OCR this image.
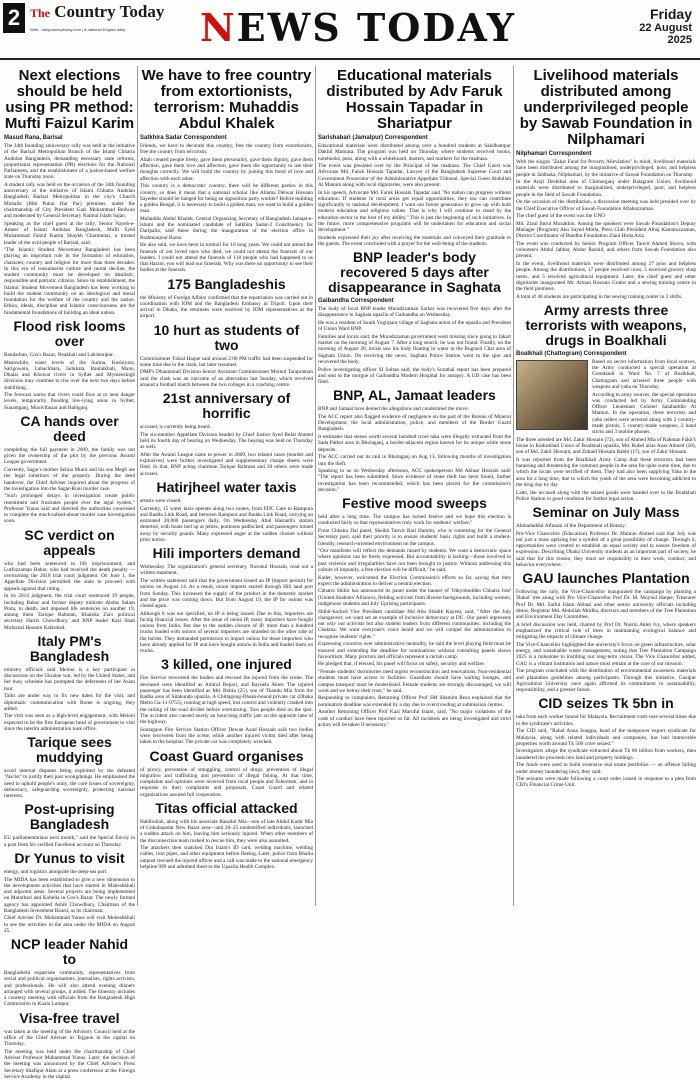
2 The Country Today
Web : dailycountrytoday.com | A national English daily	NEWS TODAY	Friday
22 August
2025
Next elections should be held using PR method: Mufti Faizul Karim
Masud Rana, Barisal

The 34th founding anniversary rally was held at the initiative of the Barisal Metropolitan Branch of the Islami Chhatra Andolan Bangladesh, demanding necessary state reforms, proportional representation (PR) elections for the National Parliament, and the establishment of a justice-based welfare state on Thursday noon.

A student rally was held on the occasion of the 34th founding anniversary at the initiative of Islami Chhatra Andolan Bangladesh Barisal Metropolitan in the city's Church Mohalla (Bibi Pukur Har Par) premises, under the chairmanship of City President Gazi Mohammad Redwan and moderated by General Secretary Naimul Islam Sajan.

Speaking as the chief guest at the rally, Senior Nayeb-e-Ameer of Islami Andolan Bangladesh, Mufti Syed Muhammad Faizul Karim Shaykh Charmonai, a trusted leader of the avid people of Barisal, said:

"The Islamic Student Movement Bangladesh has been playing an important role in the formation of education, character, country and religion for more than three decades. In this era of consumerist culture and moral decline, the student community must be developed on idealistic, responsible and patriotic citizens. Since its establishment, the Islamic Student Movement Bangladesh has been working to build the student community on an ideological and moral foundation for the welfare of the country and the nation. Ethics, ideals, discipline and Islamic consciousness are the fundamental foundations of building an ideal nation.

Flood risk looms over

Bandarban, Cox's Bazar, Noakhali and Lakshmipur.

Meanwhile, water levels of the Surma, Kushiyara, Sarigowain, Lubachhara, Jadukata, Baulaikhali, Manu, Dhalai and Khowai rivers in Sylhet and Mymensingh divisions may continue to rise over the next two days before stabilising.

The forecast warns that rivers could flow at or near danger levels, temporarily flooding low-lying areas in Sylhet, Sunamganj, Moulvibazar and Habiganj.

CA hands over deed

completing the full payment in 2009, the family was not given the ownership of the plot by the previous Awami League government.

Currently, Sagar's mother Selina Munir and his son Megh are the legal inheritors of the property. During the deed handover, the Chief Adviser inquired about the progress of the investigation into the Sagar-Runi murder case.

"Such prolonged delays in investigation create public resentment and frustrates people over the legal system," Professor Yunus said and directed the authorities concerned to complete the much-talked-about murder case investigation soon.

SC verdict on appeals

who had been sentenced to life imprisonment, and Lutfozzaman Babar, who had received the death penalty — overturning the 2018 trial court judgment. On June 1, the Appellate Division permitted the state to proceed with appeals against that ruling.

In its 2014 judgment, the trial court sentenced 19 people, including Babar and former deputy minister Abdus Salam Pintu, to death, and imposed life sentences on another 19, among them Tarique Rahman, Khaleda Zia's political secretary Harris Chowdhury, and BNP leader Kazi Shah Mofazzal Hossain Kaikobad.

Italy PM's Bangladesh

ministry officials said Meloni is a key participant in discussions on the Ukraine war, led by the United States, and her busy schedule has prompted the deferment of her Asian tour.

Talks are under way to fix new dates for the visit, and diplomatic communication with Rome is ongoing, they added.

The visit was seen as a high-level engagement, with Meloni expected to be the first European head of government to visit since the interim administration took office.

Tarique sees muddying

avoid internal disputes being exploited by the defeated "fascist" to justify their past wrongdoings. He emphasised the need to uphold people's unity, the core issues of sovereignty, democracy, safeguarding sovereignty, protecting national interests.

Post-uprising Bangladesh

EU parliamentarians next month," said the Special Envoy in a post from his verified Facebook account on Thursday.

Dr Yunus to visit

energy, and logistics alongside the deep-sea port.

The MIDA has been established to give a new dimension to the development activities that have started in Maheshkhali and adjacent areas. Several projects are being implemented on Matarbari and Kohelia in Cox's Bazar. The newly formed agency has appointed Ashik Chowdhury, Chairman of the Bangladesh Investment Board, as its chairman.

Chief Adviser Dr. Muhammad Yunus will visit Moheshkhali to see the activities in the area under the MIDA on August 25.

NCP leader Nahid to

Bangladeshi expatriate community, representatives from social and political organisations, journalists, rights activists, and professionals. He will also attend evening dinners arranged with several groups, it added. The itinerary includes a courtesy meeting with officials from the Bangladesh High Commission in Kuala Lumpur.

Visa-free travel

was taken at the meeting of the Advisory Council held at the office of the Chief Adviser in Tejgaon in the capital on Thursday.

The meeting was held under the chairmanship of Chief Adviser Professor Muhammad Yunus. Later, the decision of the meeting was announced by the Chief Adviser's Press Secretary Shafiqul Alam at a press conference at the Foreign Service Academy in the capital.

We have to free country from extortionists, terrorism: Muhaddis Abdul Khalek
Satkhira Sadar Correspondent

Friends, we have to decorate this country, free the country from extortionists, free the country from terrorism.

Allah created people freely, gave them personality, gave them dignity, gave them affection, gave them love and affection, gave them the opportunity to use their thoughts correctly. We will build the country by joining this bond of love and affection with each other.

This country is a democratic country, there will be different parties in this country, so does it mean that a national scholar like Allama Delwar Hossain Sayedee should be hanged for being an opposition party worker? Before building a golden Bengal, it is necessary to build a golden man, we want to build a golden man.

Muhaddis Abdul Khalek, Central Organizing Secretary of Bangladesh Jamaat-e-Islami and the nominated candidate of Satkhira Sadar-2 Constituency for Daripalla, said these during the inauguration of the election office in Brahmanjoar Bazar.

He also said, we have been in turmoil for 16 long years. We could not attend the funerals of our loved ones who died, we could not attend the funerals of our leaders. I could not attend the funerals of 118 people who had happened to us that Harzor, you will lead our funerals. Why was there no opportunity to see their bodies at the funerals.

175 Bangladeshis

the Ministry of Foreign Affairs confirmed that the repatriation was carried out in coordination with IOM and the Bangladesh Embassy in Tripoli. Upon their arrival in Dhaka, the returnees were received by IOM representatives at the airport.

10 hurt as students of two

Commissioner Faisal Haque said around 2:00 PM traffic had been suspended for some time due to the clash, but later resumed.

DMP's Dhanmondi Division Senior Assistant Commissioner Moinul Tarapraman said the clash was an outcome of an altercation last Sunday, which revolved around a football match between the two colleges in a coaching centre.

21st anniversary of horrific

accused, is currently being heard.

The six-member Appellate Division headed by Chief Justice Syed Refat Ahmed held its fourth day of hearing on Wednesday. The hearing was held on Thursday as well.

After the Awami League came to power in 2009, two related cases (murder and explosives) were further investigated and supplementary charge sheets were filed. In that, BNP acting chairman Tarique Rahman and 30 others were made accused.

Hatirjheel water taxis

arrests were closed.

Currently, 15 water taxis operate along two routes, from FDC Gate to Rampura and Badda Link Road, and between Rampura and Badda Link Road, carrying an estimated 20,000 passengers daily. On Wednesday Abul Hasnath's station deserted, with boats tied up at jetties, pontoons padlocked, and passengers turned away by security guards. Many expressed anger at the sudden closure without prior notice.

Hili importers demand

Wednesday. The organization's general secretary, Nurunul Hossain, read out a written statement.

The written statement said that the government issued an IP (import permit) for onions on August 14. As a result, onion imports started through Hili land port from Sunday. This increased the supply of the product in the domestic market and the price was coming down. But from August 19, the IP for onions was closed again.

Although it was not specified, no IP is being issued. Due to this, importers are facing financial losses. After the issue of onion IP, many importers have bought onions from India. But due to the sudden closure of IP, more than a hundred trucks loaded with onions of several importers are stranded on the other side of the border. They demanded permission to import onions for those importers who have already applied for IP and have bought onions in India and loaded them on trucks.

3 killed, one injured

Fire Service recovered the bodies and rescued the injured from the scene. The deceased were identified as Amirul Bepari, and Rayuela Akter. The injured passenger has been identified as Md. Robin (25), son of Thandu Mia from the Radha area of Sitakunda upazila. A Chittagong-Dhaka-bound private car (Dhaka Metro Ga-11-9755), running at high speed, lost control and violently crashed into the railing of the road divider before overturning. Two people died on the spot. The accident also caused nearly an hour-long traffic jam on the opposite lane of the highway.

Sonargaon Fire Service Station Officer Dewan Azad Hossain said two bodies were recovered from the scene, while another injured victim died after being taken to the hospital. The private car was completely wrecked.

Coast Guard organises

of piracy, prevention of smuggling, control of drugs, prevention of illegal migration and trafficking and prevention of illegal fishing. At that time, complaints and opinions were received from local people and fishermen, and in response to their complaints and proposals, Coast Guard and related organizations assured full cooperation.

Titas official attacked

Habibullah, along with his associate Rasadul Mia—son of late Abdul Kadir Mia of Gokulnandar New Bazar area—and 20–25 unidentified individuals, launched a sudden attack on him, leaving him seriously injured. When other members of the disconnection team rushed to rescue him, they were also assaulted.

The attackers then snatched Din Islam's ID card, welding machine, welding cables, iron pipes, and other equipment before fleeing. Later, police from Bhaliu outpost rescued the injured officer and a call was made to the national emergency helpline 999 and admitted them to the Upazila Health Complex.

Educational materials distributed by Adv Faruk Hossain Tapadar in Shariatpur
Sarishabari (Jamalpur) Correspondent

Educational materials were distributed among over a hundred students at Sakdhampur Dakhil Madrasa. The program was held on Thursday where students received books, notebooks, pens, along with a whiteboard, dusters, and markers for the madrasa.

The event was presided over by the Principal of the madrasa. The Chief Guest was Advocate Md. Faruk Hossain Tapadar, Lawyer of the Bangladesh Supreme Court and Government Prosecutor of the Administrative Appellate Tribunal. Special Guest Abdullah Al Mamun along with local dignitaries, were also present.

In his speech, Advocate Md. Faruk Hossain Tapadar said "No nation can progress without education. If students in rural areas get equal opportunities, they too can contribute significantly to national development. I want our future generation to grow up with both modern education and religious values. That is why I will continue to stand by the education sector to the best of my ability." This is just the beginning of such initiatives. In the future, more comprehensive programs will be undertaken for education and social development."

Students expressed their joy after receiving the materials and conveyed their gratitude to the guests. The event concluded with a prayer for the well-being of the students.

BNP leader's body recovered 5 days after disappearance in Saghata
Gaibandha Correspondent

The body of local BNP leader Muradzzaman Sarkar was recovered five days after the disappearance in Saghata upazila of Gaibandha on Wednesday.

He was a resident of South Yogirpara village of Saghata union of the upazila and President of Union Ward BNP.

Families and locals said, the Muradzzaman government went missing since going to Jakart market on the morning of August 7. After a long search, he was not found. Finally, on the morning of August 28, locals saw his body floating in water in the Bugrasil Char area of Saghata Union. On receiving the news, Saghata Police Station went to the spot and recovered the body.

Police investigating officer SI Sultan said, the body's Surathal report has been prepared and sent to the morgue of Gaibandha Modern Hospital for autopsy. A UD case has been filed.

BNP, AL, Jamaat leaders

BNP and Jamaat have denied the allegations and condemned the move.

The ACC report also flagged evidence of negligence on the part of the Bureau of Mineral Development, the local administration, police, and members of the Border Guard Bangladesh.

It estimates that stones worth several hundred crore taka were illegally extracted from the Sada Pather area in Bholaganj, a border-adjacent region known for its unique white stone deposits.

The ACC carried out its raid in Bholaganj on Aug 13, following months of investigation into the theft.

Speaking to us on Wednesday afternoon, ACC spokesperson Md Akhtar Hossain said: "The report has been submitted. Since evidence of stone theft has been found, further investigation has been recommended, which has been placed for the commission's decision."

Festive mood sweeps

held after a long time. The campus has turned festive and we hope this election is conducted fairly so that representatives truly work for students' welfare."

From Chhatra Dal panel, Sheikh Tanvir Bari Hamim, who is contesting for the General Secretary post, said their priority is to ensure students' basic rights and build a student-friendly, research-oriented environment on the campus.

"Our manifesto will reflect the demands raised by students. We want a democratic space where opinions can be freely expressed. But accountability is lacking—those involved in past violence and irregularities have not been brought to justice. Without addressing this culture of impunity, a free election will be difficult," he said.

Kader, however, welcomed the Election Commission's efforts so far, saying that they expect the administration to deliver a neutral election.

Chhatra Shibir has announced its panel under the banner of 'Oikyoboddho Chhatra Jote' (United Students' Alliance), fielding activists from diverse backgrounds, including women, indigenous students and July Uprising participants.

Shibir-backed Vice President candidate Md Abu Shadik Kayem, said, "After the July changeover, we want set an example of inclusive democracy at DU. Our panel represents not only our activists but also student leaders from different communities, including the Chakma. We want everyone's voice heard and we will compel the administration to recognise students' rights."

Expressing concerns over administrative neutrality, he said the level playing field must be ensured and extending the deadline for nominations without consulting panels shows favouritism. Many proctors and officials represent a certain camp.

He pledged that, if elected, his panel will focus on safety, security and welfare.

"Female students' dormitories need urgent reconstruction and renovations. Non-residential students must have access to facilities. Guardians should have waiting lounges, and campus transport must be modernised. Female students are strongly discouraged, we will work and we betray their trust," he said.

Responding to complaints, Returning Officer Prof SM Shamim Reza explained that the nomination deadline was extended by a day due to overcrowding at submission centres.

Another Returning Officer Prof Kazi Maruful Islam, said, "No major violations of the code of conduct have been reported so far. All incidents are being investigated and strict action will be taken if necessary."

Livelihood materials distributed among underprivileged people by Sawab Foundation in Nilphamari
Nilphamari Correspondent

With the slogan "Zakat Fund for Poverty Alleviation" in mind, livelihood materials have been distributed among the marginalised, underprivileged, poor, and helpless people in Jaldhaka, Nilphamari, by the initiative of Sawab Foundation on Thursday.

In the Atoji Deshibai area of Chimarganj under Balagram Union, livelihood materials were distributed to marginalised, underprivileged, poor, and helpless people in the field of Sawab Foundation.

On the occasion of the distribution, a discussion meeting was held presided over by the Chief Executive Officer of Sawab Foundation Aftabuzzaman.

The chief guest of the event was the UNO

Md. Ziaul Imrul Mozakkin. Among the speakers were Sawab Foundation's Deputy Manager (Program) Abu Sayed Molla, Press Club President Alhaj Kamaruzzaman, District Coordinator of Bandhu Foundation Ziaul Hoda Aziz.

The event was conducted by Senior Program Officer Tanvir Ahmed Shuvo, with volunteers Abdul Jabbar, Abdur Rashid, and others from Sawab Foundation also present.

In the event, livelihood materials were distributed among 27 poor and helpless people. Among the distributions, 17 people received cows, 5 received grocery shop items, and 5 received agricultural equipment. Later, the chief guest and other dignitaries inaugurated Mr. Arman Hossain Grains and a sewing training centre in the field premises.

A total of 40 students are participating in the sewing training center in 2 shifts.

Army arrests three terrorists with weapons, drugs in Boalkhali
Boalkhali (Chattogram) Correspondent

Based on secret information from local sources, the Army conducted a special operation at Gomdandi in Ward No. 7 of Boalkhali, Chattogram and arrested three people with weapons and yaba on Thursday.

According to army sources, the special operation was conducted led by Army Commanding Officer Lieutenant Colonel Salahuddin Al Mamun. In the operation, three terrorists and yaba sellers were arrested along with 2 country-made pistols, 5 country-made weapons, 2 hand sticks and 3 mobile phones.

The three arrested are Md. Zakir Hossain (72), son of Ahmed Mia of Rahman Fakir's house in Kadurkhali Union of Boalkhali upazila, Md. Rubel alias Anas Ahmed (28), son of Md. Zakir Hossain, and Zubaid Hossain Rabbi (17), son of Zakir Hossain.

It was reported from the Boalkhali Army Camp that these terrorists had been harassing and threatening the common people in the area for quite some time, due to which the locals were terrified of them. They had also been supplying Yaba to the area for a long time, due to which the youth of the area were becoming addicted to the drug day by day.

Later, the accused along with the seized goods were handed over to the Boalkhali Police Station in good condition for further legal action.

Seminar on July Mass

Ahmaduddul Alfasani of the Department of Botany.

Pro-Vice Chancellor (Education) Professor Dr. Mamun Ahmed said that July was not just a mass uprising but a symbol of a great possibility of change. Through it, opportunities were created to establish an equal society and to ensure freedom of expression. Describing Dhaka University students as an important part of society, he said that for this reason, they must act responsibly in their work, conduct, and behavior everywhere.

GAU launches Plantation

Following the rally, the Vice-Chancellor inaugurated the campaign by planting a 'Bakul' tree along with Pro Vice-Chancellor Prof Dr. M. Moynul Haque, Treasurer Prof Dr. Md. Saiful Islam Abbasi and other senior university officials including deans, Registrar Md. Abdullah Mridha, directors and members of the Tree Plantation and Environment Day Committee.

A brief discussion was held, chaired by Prof Dr. Nasrin Akter Ivy, where speakers emphasized the critical role of trees in maintaining ecological balance and mitigating the impacts of climate change.

The Vice-Chancellor highlighted the university's focus on green infrastructure, solar energy, and sustainable waste management, noting that Tree Plantation Campaign 2025 is a milestone to instilling our long-term vision. The Vice Chancellor added, GAU is a vibrant institution and nature must remain at the core of our mission.

The program concluded with the distribution of environmental awareness materials and plantation guidelines among participants. Through this initiative, Gazipur Agricultural University once again affirmed its commitment to sustainability, responsibility, and a greener future.

CID seizes Tk 5bn in

taka from each worker bound for Malaysia. Recruitment costs rose several times due to the syndicate's activities.

The CID said, "Rahal Anna Souppa, head of the manpower export syndicate for Malaysia, along with related individuals and companies, has had immovable properties worth around Tk 500 crore seized."

Investigators allege the syndicate extracted about Tk 80 billion from workers, then laundered the proceeds into land and property holdings.

The funds were used to build extensive real estate portfolios — an offence falling under money laundering laws, they said.

The seizures were made following a court order issued in response to a plea from CID's Financial Crime Unit.
